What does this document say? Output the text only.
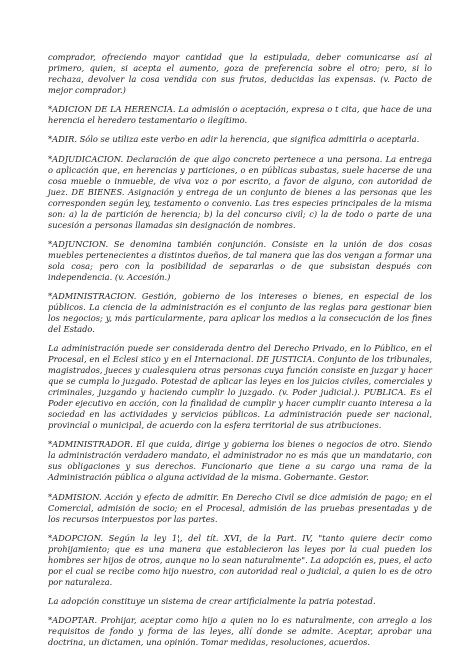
comprador, ofreciendo mayor cantidad que la estipulada, deber comunicarse así al primero, quien, si acepta el aumento, goza de preferencia sobre el otro; pero, si lo rechaza, devolver la cosa vendida con sus frutos, deducidas las expensas. (v. Pacto de mejor comprador.)

*ADICION DE LA HERENCIA. La admisión o aceptación, expresa o t cita, que hace de una herencia el heredero testamentario o ilegítimo.

*ADIR. Sólo se utiliza este verbo en adir la herencia, que significa admitirla o aceptarla.

*ADJUDICACION. Declaración de que algo concreto pertenece a una persona. La entrega o aplicación que, en herencias y particiones, o en públicas subastas, suele hacerse de una cosa mueble o inmueble, de viva voz o por escrito, a favor de alguno, con autoridad de juez. DE BIENES. Asignación y entrega de un conjunto de bienes a las personas que les corresponden según ley, testamento o convenio. Las tres especies principales de la misma son: a) la de partición de herencia; b) la del concurso civil; c) la de todo o parte de una sucesión a personas llamadas sin designación de nombres.

*ADJUNCION. Se denomina también conjunción. Consiste en la unión de dos cosas muebles pertenecientes a distintos dueños, de tal manera que las dos vengan a formar una sola cosa; pero con la posibilidad de separarlas o de que subsistan después con independencia. (v. Accesión.)

*ADMINISTRACION. Gestión, gobierno de los intereses o bienes, en especial de los públicos. La ciencia de la administración es el conjunto de las reglas para gestionar bien los negocios; y, más particularmente, para aplicar los medios a la consecución de los fines del Estado.

La administración puede ser considerada dentro del Derecho Privado, en lo Público, en el Procesal, en el Eclesi stico y en el Internacional. DE JUSTICIA. Conjunto de los tribunales, magistrados, jueces y cualesquiera otras personas cuya función consiste en juzgar y hacer que se cumpla lo juzgado. Potestad de aplicar las leyes en los juicios civiles, comerciales y criminales, juzgando y haciendo cumplir lo juzgado. (v. Poder judicial.). PUBLICA. Es el Poder ejecutivo en acción, con la finalidad de cumplir y hacer cumplir cuanto interesa a la sociedad en las actividades y servicios públicos. La administración puede ser nacional, provincial o municipal, de acuerdo con la esfera territorial de sus atribuciones.

*ADMINISTRADOR. El que cuida, dirige y gobierna los bienes o negocios de otro. Siendo la administración verdadero mandato, el administrador no es más que un mandatario, con sus obligaciones y sus derechos. Funcionario que tiene a su cargo una rama de la Administración pública o alguna actividad de la misma. Gobernante. Gestor.

*ADMISION. Acción y efecto de admitir. En Derecho Civil se dice admisión de pago; en el Comercial, admisión de socio; en el Procesal, admisión de las pruebas presentadas y de los recursos interpuestos por las partes.

*ADOPCION. Según la ley 1¦, del tít. XVI, de la Part. IV, "tanto quiere decir como prohijamiento; que es una manera que establecieron las leyes por la cual pueden los hombres ser hijos de otros, aunque no lo sean naturalmente". La adopción es, pues, el acto por el cual se recibe como hijo nuestro, con autoridad real o judicial, a quien lo es de otro por naturaleza.

La adopción constituye un sistema de crear artificialmente la patria potestad.

*ADOPTAR. Prohijar, aceptar como hijo a quien no lo es naturalmente, con arreglo a los requisitos de fondo y forma de las leyes, allí donde se admite. Aceptar, aprobar una doctrina, un dictamen, una opinión. Tomar medidas, resoluciones, acuerdos.
